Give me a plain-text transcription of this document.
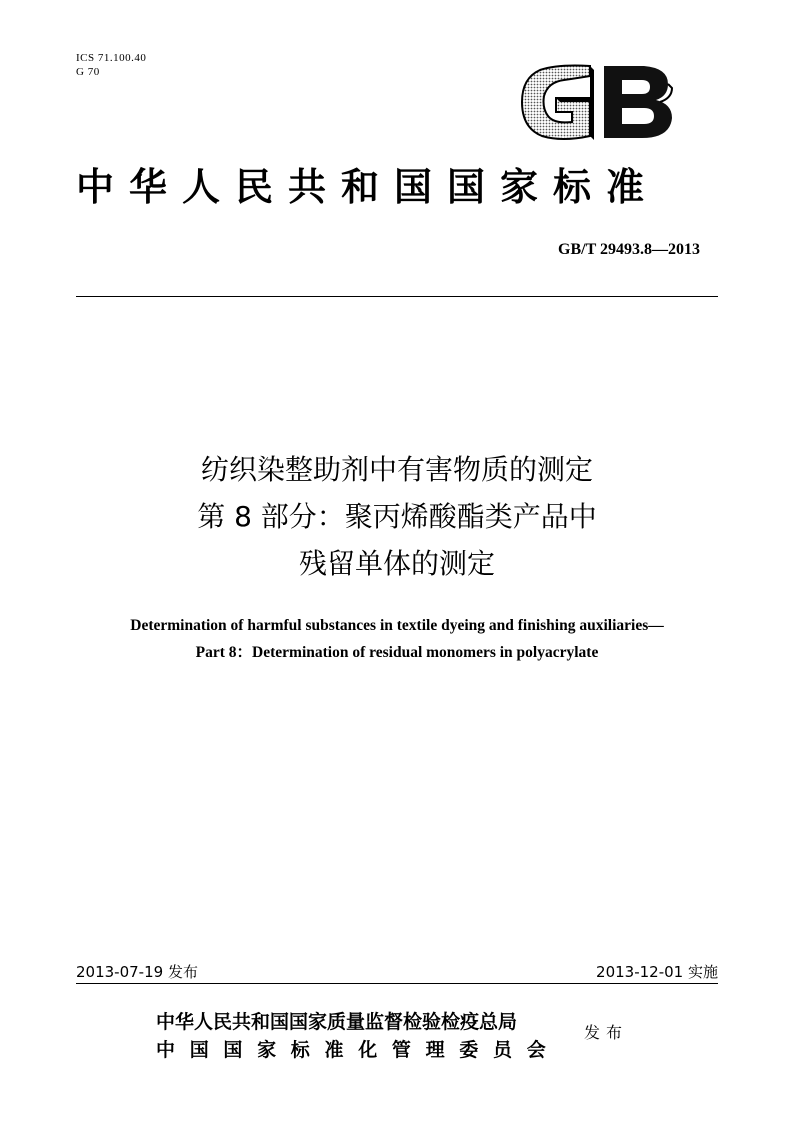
ICS 71.100.40
G 70
中华人民共和国国家标准
GB/T 29493.8—2013
纺织染整助剂中有害物质的测定
第 8 部分：聚丙烯酸酯类产品中
残留单体的测定
Determination of harmful substances in textile dyeing and finishing auxiliaries—
Part 8：Determination of residual monomers in polyacrylate
2013-07-19 发布	2013-12-01 实施
中华人民共和国国家质量监督检验检疫总局
中国国家标准化管理委员会
发布
